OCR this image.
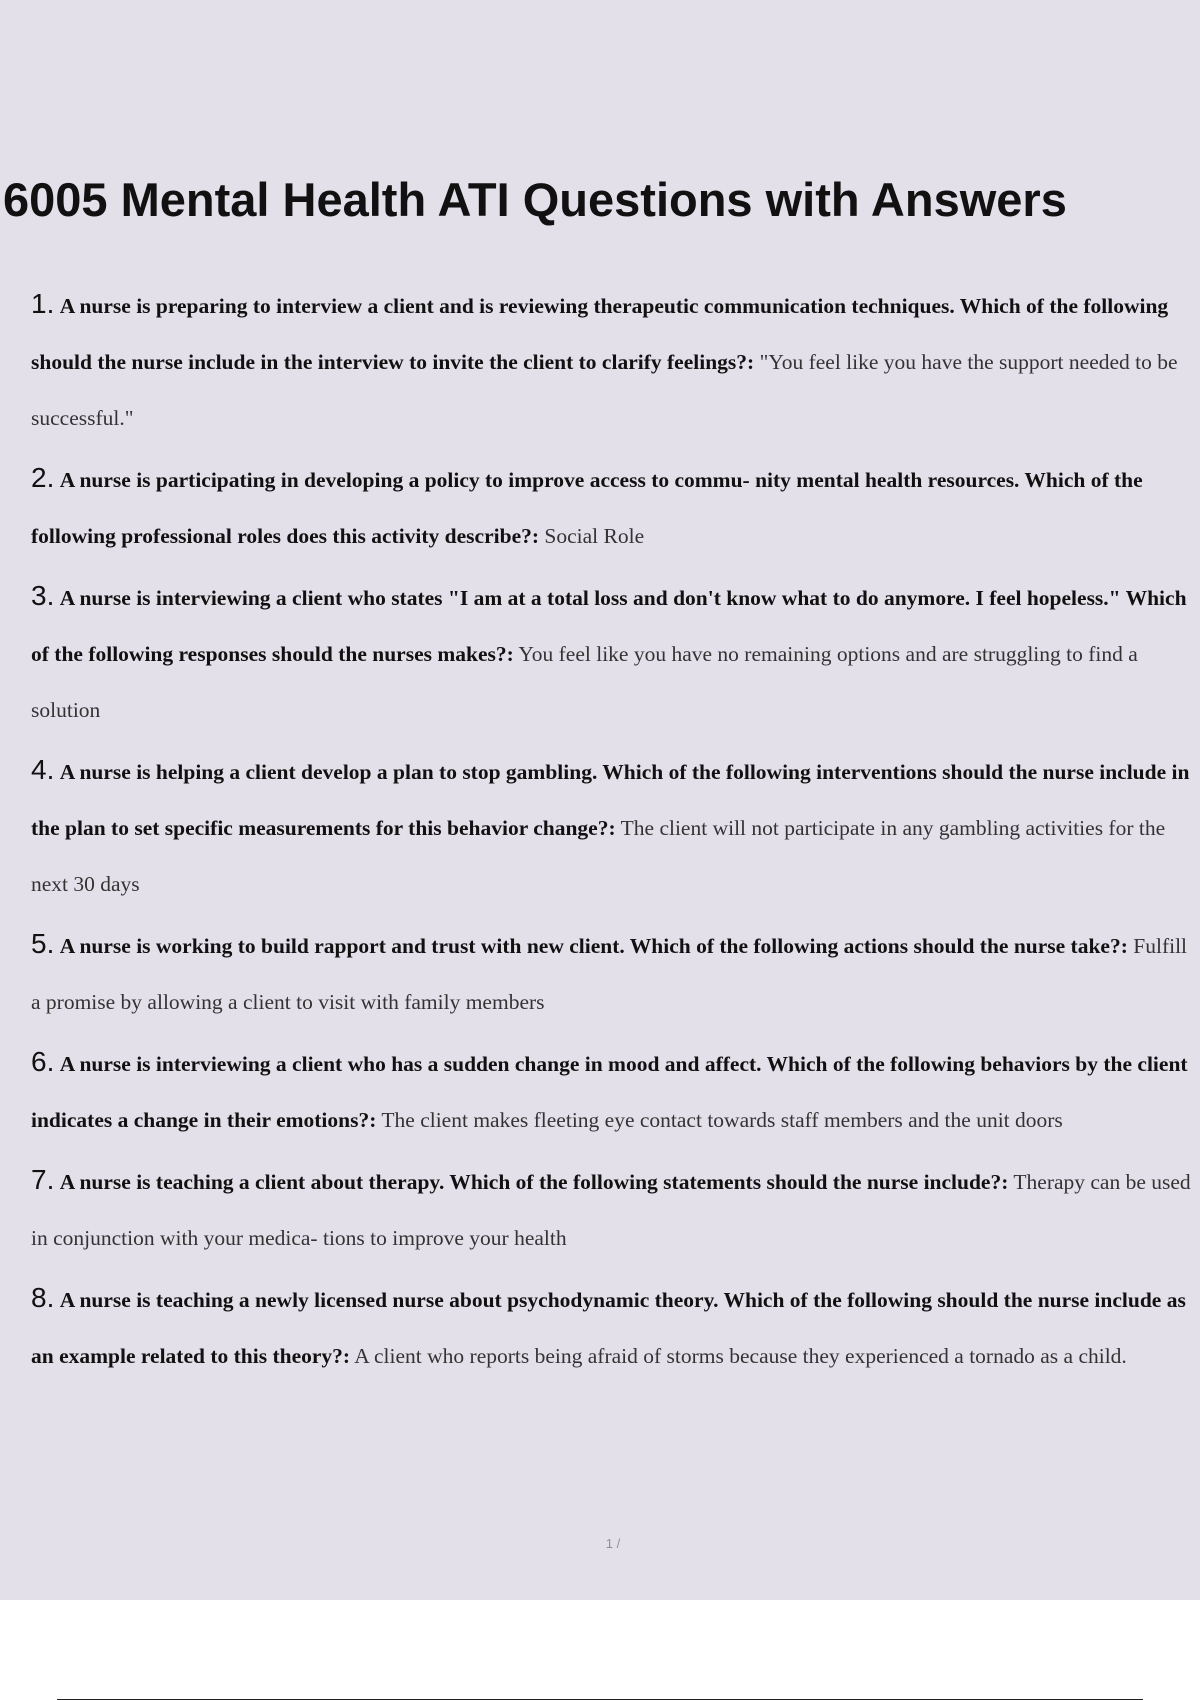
6005 Mental Health ATI Questions with Answers

1. A nurse is preparing to interview a client and is reviewing therapeutic communication techniques. Which of the following should the nurse include in the interview to invite the client to clarify feelings?: "You feel like you have the support needed to be successful."

2. A nurse is participating in developing a policy to improve access to commu- nity mental health resources. Which of the following professional roles does this activity describe?: Social Role

3. A nurse is interviewing a client who states "I am at a total loss and don't know what to do anymore. I feel hopeless." Which of the following responses should the nurses makes?: You feel like you have no remaining options and are struggling to find a solution

4. A nurse is helping a client develop a plan to stop gambling. Which of the following interventions should the nurse include in the plan to set specific measurements for this behavior change?: The client will not participate in any gambling activities for the next 30 days

5. A nurse is working to build rapport and trust with new client. Which of the following actions should the nurse take?: Fulfill a promise by allowing a client to visit with family members

6. A nurse is interviewing a client who has a sudden change in mood and affect. Which of the following behaviors by the client indicates a change in their emotions?: The client makes fleeting eye contact towards staff members and the unit doors

7. A nurse is teaching a client about therapy. Which of the following statements should the nurse include?: Therapy can be used in conjunction with your medica- tions to improve your health

8. A nurse is teaching a newly licensed nurse about psychodynamic theory. Which of the following should the nurse include as an example related to this theory?: A client who reports being afraid of storms because they experienced a tornado as a child.

1 /
